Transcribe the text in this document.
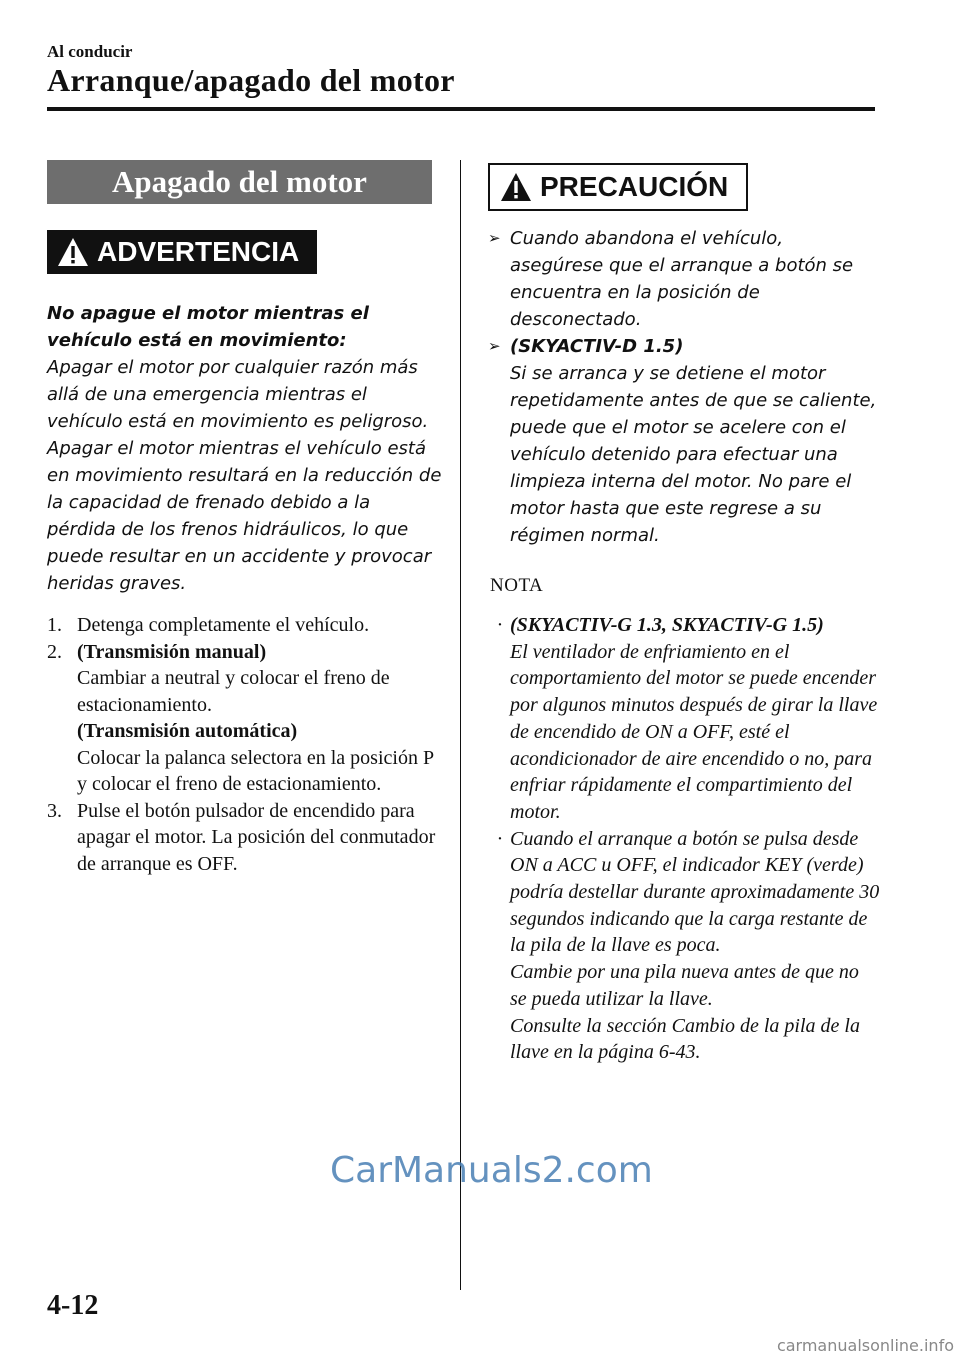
Al conducir
Arranque/apagado del motor
Apagado del motor
ADVERTENCIA
No apague el motor mientras el vehículo está en movimiento:
Apagar el motor por cualquier razón más allá de una emergencia mientras el vehículo está en movimiento es peligroso. Apagar el motor mientras el vehículo está en movimiento resultará en la reducción de la capacidad de frenado debido a la pérdida de los frenos hidráulicos, lo que puede resultar en un accidente y provocar heridas graves.
1. Detenga completamente el vehículo.
2. (Transmisión manual)
Cambiar a neutral y colocar el freno de estacionamiento.
(Transmisión automática)
Colocar la palanca selectora en la posición P y colocar el freno de estacionamiento.
3. Pulse el botón pulsador de encendido para apagar el motor. La posición del conmutador de arranque es OFF.
PRECAUCIÓN
➢ Cuando abandona el vehículo, asegúrese que el arranque a botón se encuentra en la posición de desconectado.
➢ (SKYACTIV-D 1.5)
Si se arranca y se detiene el motor repetidamente antes de que se caliente, puede que el motor se acelere con el vehículo detenido para efectuar una limpieza interna del motor. No pare el motor hasta que este regrese a su régimen normal.
NOTA
· (SKYACTIV-G 1.3, SKYACTIV-G 1.5)
El ventilador de enfriamiento en el comportamiento del motor se puede encender por algunos minutos después de girar la llave de encendido de ON a OFF, esté el acondicionador de aire encendido o no, para enfriar rápidamente el compartimiento del motor.
· Cuando el arranque a botón se pulsa desde ON a ACC u OFF, el indicador KEY (verde) podría destellar durante aproximadamente 30 segundos indicando que la carga restante de la pila de la llave es poca.
Cambie por una pila nueva antes de que no se pueda utilizar la llave.
Consulte la sección Cambio de la pila de la llave en la página 6-43.
CarManuals2.com
4-12
carmanualsonline.info
